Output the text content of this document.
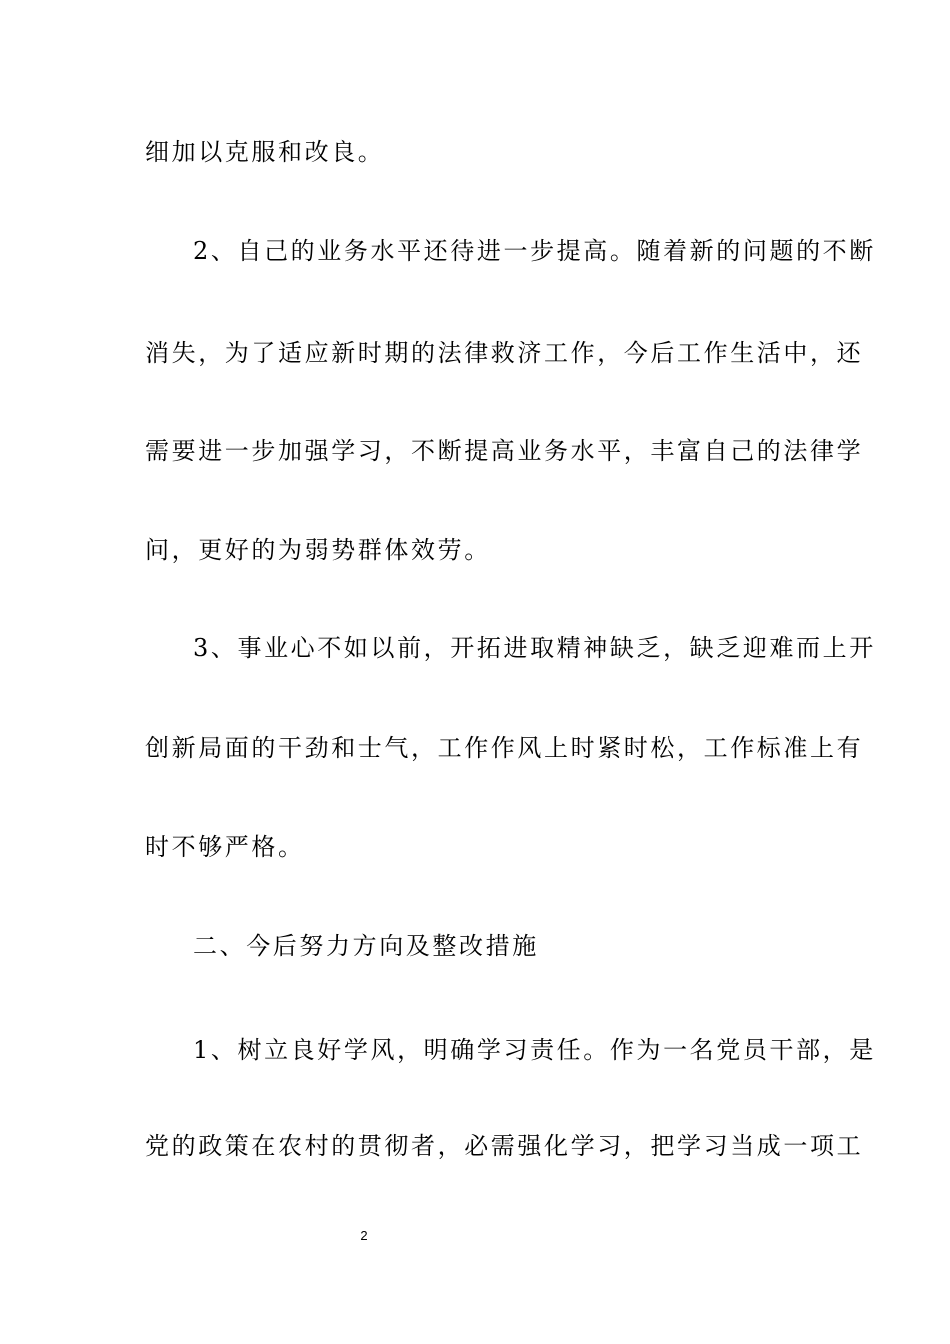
细加以克服和改良。
2、自己的业务水平还待进一步提高。随着新的问题的不断
消失，为了适应新时期的法律救济工作，今后工作生活中，还
需要进一步加强学习，不断提高业务水平，丰富自己的法律学
问，更好的为弱势群体效劳。
3、事业心不如以前，开拓进取精神缺乏，缺乏迎难而上开
创新局面的干劲和士气，工作作风上时紧时松，工作标准上有
时不够严格。
二、今后努力方向及整改措施
1、树立良好学风，明确学习责任。作为一名党员干部，是
党的政策在农村的贯彻者，必需强化学习，把学习当成一项工
2
